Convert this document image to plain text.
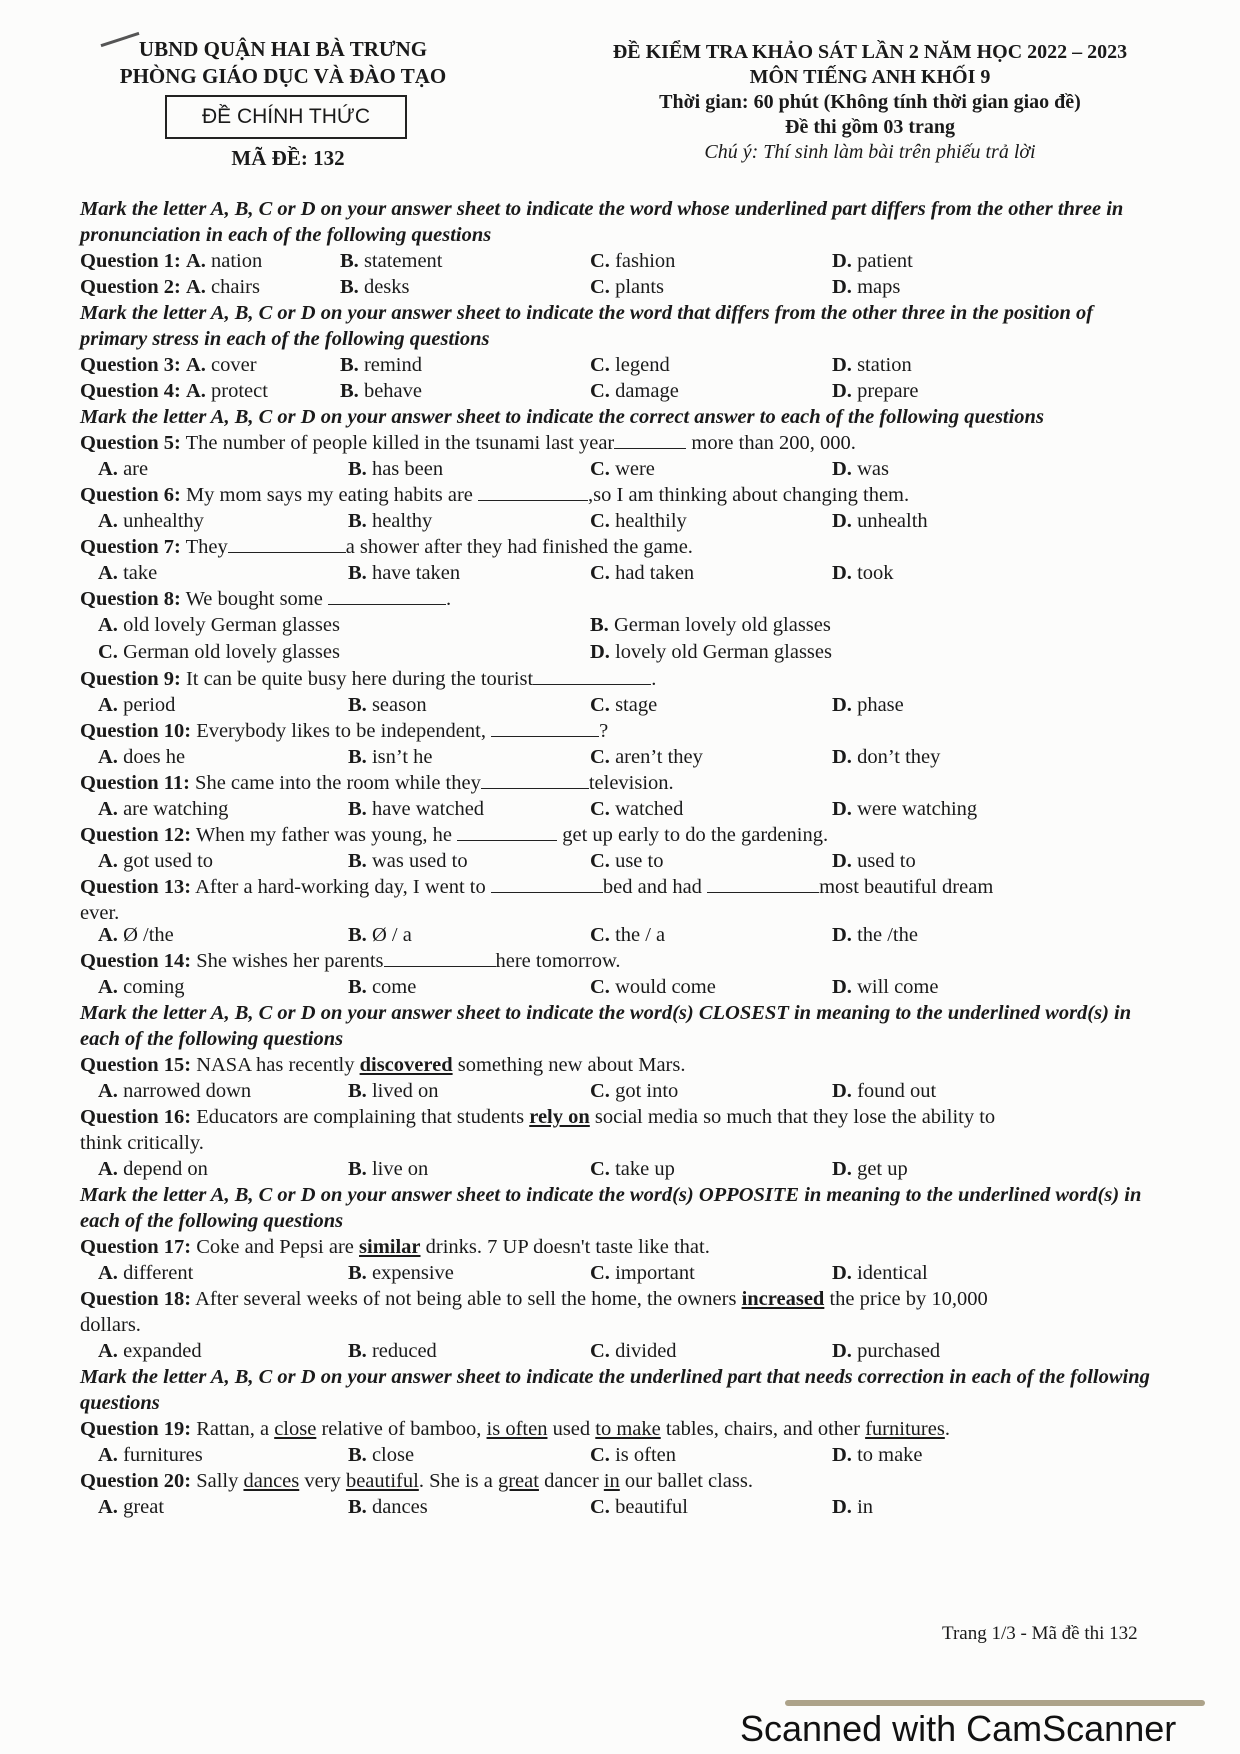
UBND QUẬN HAI BÀ TRƯNG
PHÒNG GIÁO DỤC VÀ ĐÀO TẠO
ĐỀ CHÍNH THỨC
MÃ ĐỀ: 132
ĐỀ KIỂM TRA KHẢO SÁT LẦN 2 NĂM HỌC 2022 – 2023
MÔN TIẾNG ANH KHỐI 9
Thời gian: 60 phút (Không tính thời gian giao đề)
Đề thi gồm 03 trang
Chú ý: Thí sinh làm bài trên phiếu trả lời

Mark the letter A, B, C or D on your answer sheet to indicate the word whose underlined part differs from the other three in pronunciation in each of the following questions

Question 1: A. nation	B. statement	C. fashion	D. patient
Question 2: A. chairs	B. desks	C. plants	D. maps

Mark the letter A, B, C or D on your answer sheet to indicate the word that differs from the other three in the position of primary stress in each of the following questions

Question 3: A. cover	B. remind	C. legend	D. station
Question 4: A. protect	B. behave	C. damage	D. prepare

Mark the letter A, B, C or D on your answer sheet to indicate the correct answer to each of the following questions

Question 5: The number of people killed in the tsunami last year	more than 200, 000.
A. are	B. has been	C. were	D. was
Question 6: My mom says my eating habits are	,so I am thinking about changing them.
A. unhealthy	B. healthy	C. healthily	D. unhealth
Question 7: They	a shower after they had finished the game.
A. take	B. have taken	C. had taken	D. took
Question 8: We bought some	.
A. old lovely German glasses	B. German lovely old glasses
C. German old lovely glasses	D. lovely old German glasses
Question 9: It can be quite busy here during the tourist	.
A. period	B. season	C. stage	D. phase
Question 10: Everybody likes to be independent,	?
A. does he	B. isn’t he	C. aren’t they	D. don’t they
Question 11: She came into the room while they	television.
A. are watching	B. have watched	C. watched	D. were watching
Question 12: When my father was young, he	get up early to do the gardening.
A. got used to	B. was used to	C. use to	D. used to
Question 13: After a hard-working day, I went to	bed and had	most beautiful dream
ever.
A. Ø /the	B. Ø / a	C. the / a	D. the /the
Question 14: She wishes her parents	here tomorrow.
A. coming	B. come	C. would come	D. will come

Mark the letter A, B, C or D on your answer sheet to indicate the word(s) CLOSEST in meaning to the underlined word(s) in each of the following questions

Question 15: NASA has recently discovered something new about Mars.
A. narrowed down	B. lived on	C. got into	D. found out
Question 16: Educators are complaining that students rely on social media so much that they lose the ability to
think critically.
A. depend on	B. live on	C. take up	D. get up

Mark the letter A, B, C or D on your answer sheet to indicate the word(s) OPPOSITE in meaning to the underlined word(s) in each of the following questions

Question 17: Coke and Pepsi are similar drinks. 7 UP doesn't taste like that.
A. different	B. expensive	C. important	D. identical
Question 18: After several weeks of not being able to sell the home, the owners increased the price by 10,000
dollars.
A. expanded	B. reduced	C. divided	D. purchased

Mark the letter A, B, C or D on your answer sheet to indicate the underlined part that needs correction in each of the following questions

Question 19: Rattan, a close relative of bamboo, is often used to make tables, chairs, and other furnitures.
A. furnitures	B. close	C. is often	D. to make
Question 20: Sally dances very beautiful. She is a great dancer in our ballet class.
A. great	B. dances	C. beautiful	D. in
Trang 1/3 - Mã đề thi 132
Scanned with CamScanner
